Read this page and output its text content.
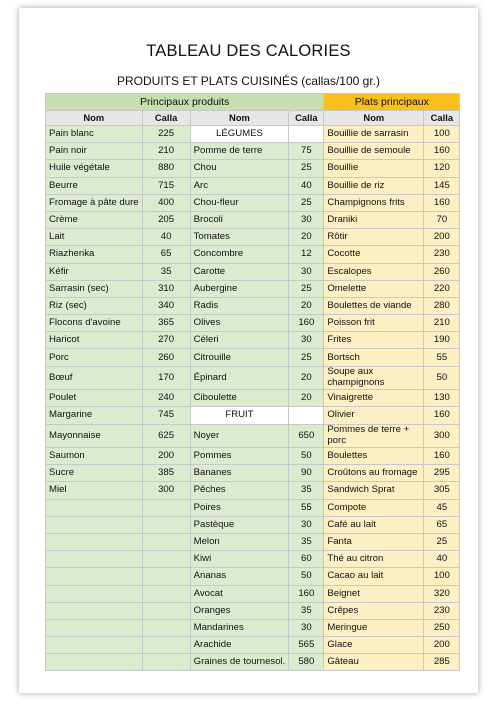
TABLEAU DES CALORIES
PRODUITS ET PLATS CUISINÉS (callas/100 gr.)
Principaux produits				Plats principaux	
Nom	Calla	Nom	Calla	Nom	Calla
Pain blanc	225	LÉGUMES		Bouillie de sarrasin	100
Pain noir	210	Pomme de terre	75	Bouillie de semoule	160
Huile végétale	880	Chou	25	Bouillie	120
Beurre	715	Arc	40	Bouillie de riz	145
Fromage à pâte dure	400	Chou-fleur	25	Champignons frits	160
Crème	205	Brocoli	30	Draniki	70
Lait	40	Tomates	20	Rôtir	200
Riazhenka	65	Concombre	12	Cocotte	230
Kéfir	35	Carotte	30	Escalopes	260
Sarrasin (sec)	310	Aubergine	25	Omelette	220
Riz (sec)	340	Radis	20	Boulettes de viande	280
Flocons d'avoine	365	Olives	160	Poisson frit	210
Haricot	270	Céleri	30	Frites	190
Porc	260	Citrouille	25	Bortsch	55
Bœuf	170	Épinard	20	Soupe aux champignons	50
Poulet	240	Ciboulette	20	Vinaigrette	130
Margarine	745	FRUIT		Olivier	160
Mayonnaise	625	Noyer	650	Pommes de terre + porc	300
Saumon	200	Pommes	50	Boulettes	160
Sucre	385	Bananes	90	Croûtons au fromage	295
Miel	300	Pêches	35	Sandwich Sprat	305
		Poires	55	Compote	45
		Pastèque	30	Café au lait	65
		Melon	35	Fanta	25
		Kiwi	60	Thé au citron	40
		Ananas	50	Cacao au lait	100
		Avocat	160	Beignet	320
		Oranges	35	Crêpes	230
		Mandarines	30	Meringue	250
		Arachide	565	Glace	200
		Graines de tournesol.	580	Gâteau	285
